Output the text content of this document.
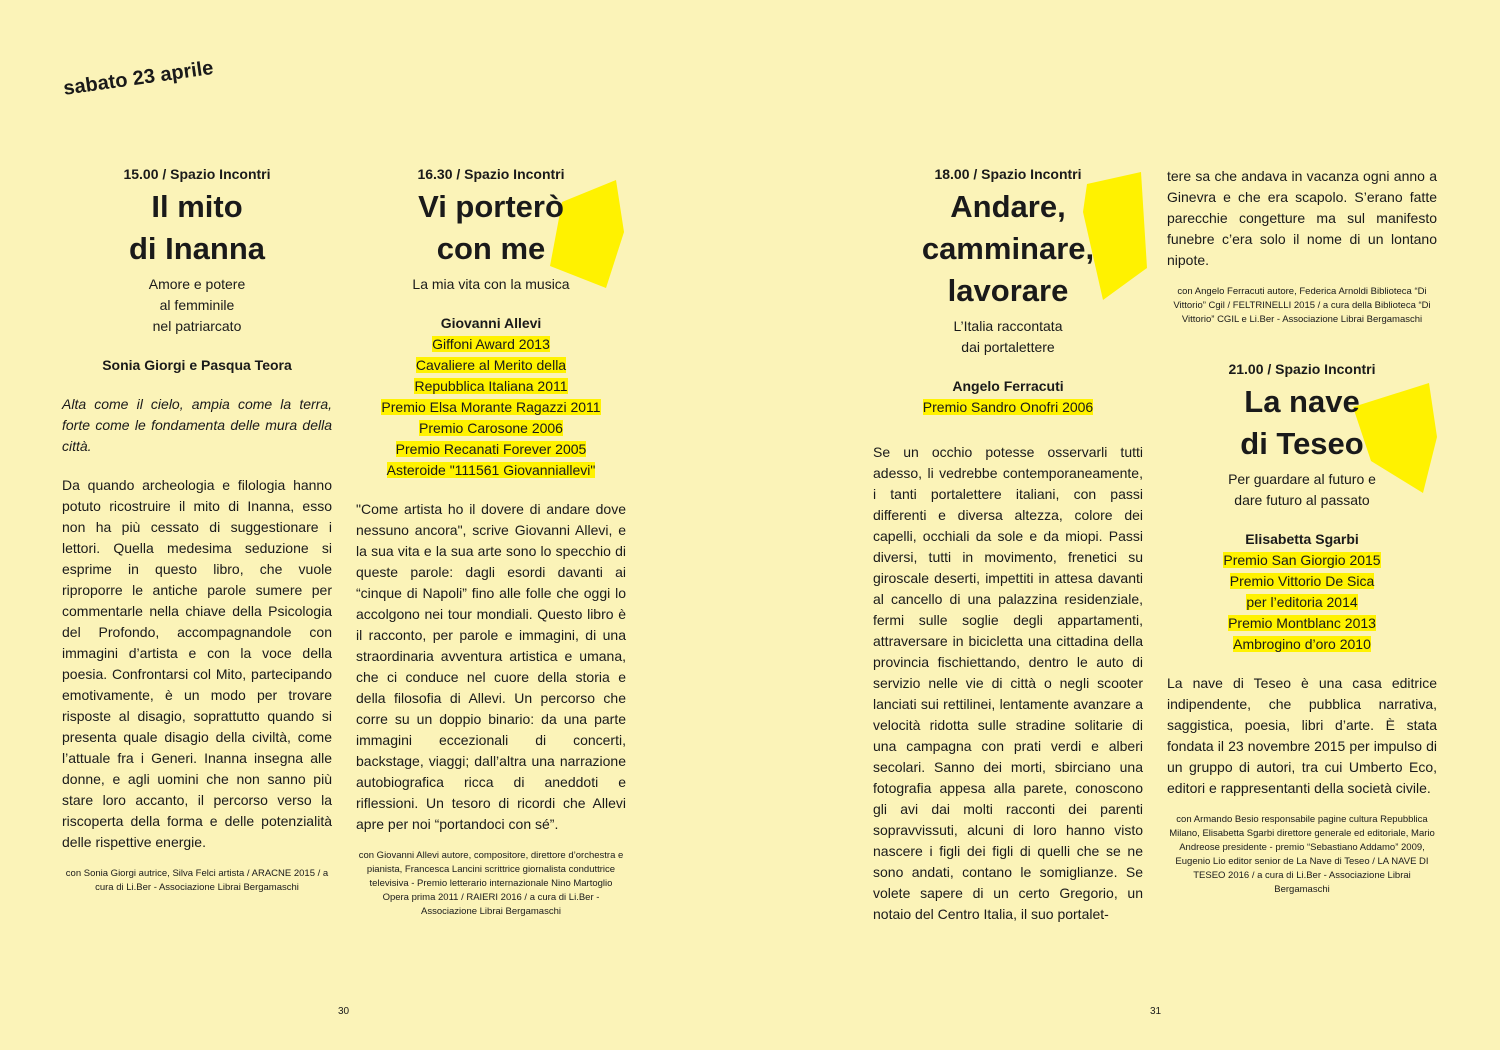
sabato 23 aprile

15.00 / Spazio Incontri

Il mito
di Inanna

Amore e potere
al femminile
nel patriarcato

Sonia Giorgi e Pasqua Teora

Alta come il cielo, ampia come la terra, forte come le fondamenta delle mura della città.

Da quando archeologia e filologia hanno potuto ricostruire il mito di Inanna, esso non ha più cessato di suggestionare i lettori. Quella medesima seduzione si esprime in questo libro, che vuole riproporre le antiche parole sumere per commentarle nella chiave della Psicologia del Profondo, accompagnandole con immagini d’artista e con la voce della poesia. Confrontarsi col Mito, partecipando emotivamente, è un modo per trovare risposte al disagio, soprattutto quando si presenta quale disagio della civiltà, come l’attuale fra i Generi. Inanna insegna alle donne, e agli uomini che non sanno più stare loro accanto, il percorso verso la riscoperta della forma e delle potenzialità delle rispettive energie.

con Sonia Giorgi autrice, Silva Felci artista / ARACNE 2015 / a cura di Li.Ber - Associazione Librai Bergamaschi

16.30 / Spazio Incontri

Vi porterò
con me

La mia vita con la musica

Giovanni Allevi

Giffoni Award 2013
Cavaliere al Merito della
Repubblica Italiana 2011
Premio Elsa Morante Ragazzi 2011
Premio Carosone 2006
Premio Recanati Forever 2005
Asteroide "111561 Giovanniallevi"

"Come artista ho il dovere di andare dove nessuno ancora", scrive Giovanni Allevi, e la sua vita e la sua arte sono lo specchio di queste parole: dagli esordi davanti ai “cinque di Napoli” fino alle folle che oggi lo accolgono nei tour mondiali. Questo libro è il racconto, per parole e immagini, di una straordinaria avventura artistica e umana, che ci conduce nel cuore della storia e della filosofia di Allevi. Un percorso che corre su un doppio binario: da una parte immagini eccezionali di concerti, backstage, viaggi; dall’altra una narrazione autobiografica ricca di aneddoti e riflessioni. Un tesoro di ricordi che Allevi apre per noi “portandoci con sé”.

con Giovanni Allevi autore, compositore, direttore d’orchestra e pianista, Francesca Lancini scrittrice giornalista conduttrice televisiva - Premio letterario internazionale Nino Martoglio Opera prima 2011 / RAIERI 2016 / a cura di Li.Ber - Associazione Librai Bergamaschi

18.00 / Spazio Incontri

Andare,
camminare,
lavorare

L’Italia raccontata
dai portalettere

Angelo Ferracuti

Premio Sandro Onofri 2006

Se un occhio potesse osservarli tutti adesso, li vedrebbe contemporaneamente, i tanti portalettere italiani, con passi differenti e diversa altezza, colore dei capelli, occhiali da sole e da miopi. Passi diversi, tutti in movimento, frenetici su giroscale deserti, impettiti in attesa davanti al cancello di una palazzina residenziale, fermi sulle soglie degli appartamenti, attraversare in bicicletta una cittadina della provincia fischiettando, dentro le auto di servizio nelle vie di città o negli scooter lanciati sui rettilinei, lentamente avanzare a velocità ridotta sulle stradine solitarie di una campagna con prati verdi e alberi secolari. Sanno dei morti, sbirciano una fotografia appesa alla parete, conoscono gli avi dai molti racconti dei parenti sopravvissuti, alcuni di loro hanno visto nascere i figli dei figli di quelli che se ne sono andati, contano le somiglianze. Se volete sapere di un certo Gregorio, un notaio del Centro Italia, il suo portalet-

tere sa che andava in vacanza ogni anno a Ginevra e che era scapolo. S’erano fatte parecchie congetture ma sul manifesto funebre c’era solo il nome di un lontano nipote.

con Angelo Ferracuti autore, Federica Arnoldi Biblioteca “Di Vittorio” Cgil / FELTRINELLI 2015 / a cura della Biblioteca “Di Vittorio” CGIL e Li.Ber - Associazione Librai Bergamaschi

21.00 / Spazio Incontri

La nave
di Teseo

Per guardare al futuro e
dare futuro al passato

Elisabetta Sgarbi

Premio San Giorgio 2015
Premio Vittorio De Sica
per l’editoria 2014
Premio Montblanc 2013
Ambrogino d’oro 2010

La nave di Teseo è una casa editrice indipendente, che pubblica narrativa, saggistica, poesia, libri d’arte. È stata fondata il 23 novembre 2015 per impulso di un gruppo di autori, tra cui Umberto Eco, editori e rappresentanti della società civile.

con Armando Besio responsabile pagine cultura Repubblica Milano, Elisabetta Sgarbi direttore generale ed editoriale, Mario Andreose presidente - premio “Sebastiano Addamo” 2009, Eugenio Lio editor senior de La Nave di Teseo / LA NAVE DI TESEO 2016 / a cura di Li.Ber - Associazione Librai Bergamaschi

30	31
